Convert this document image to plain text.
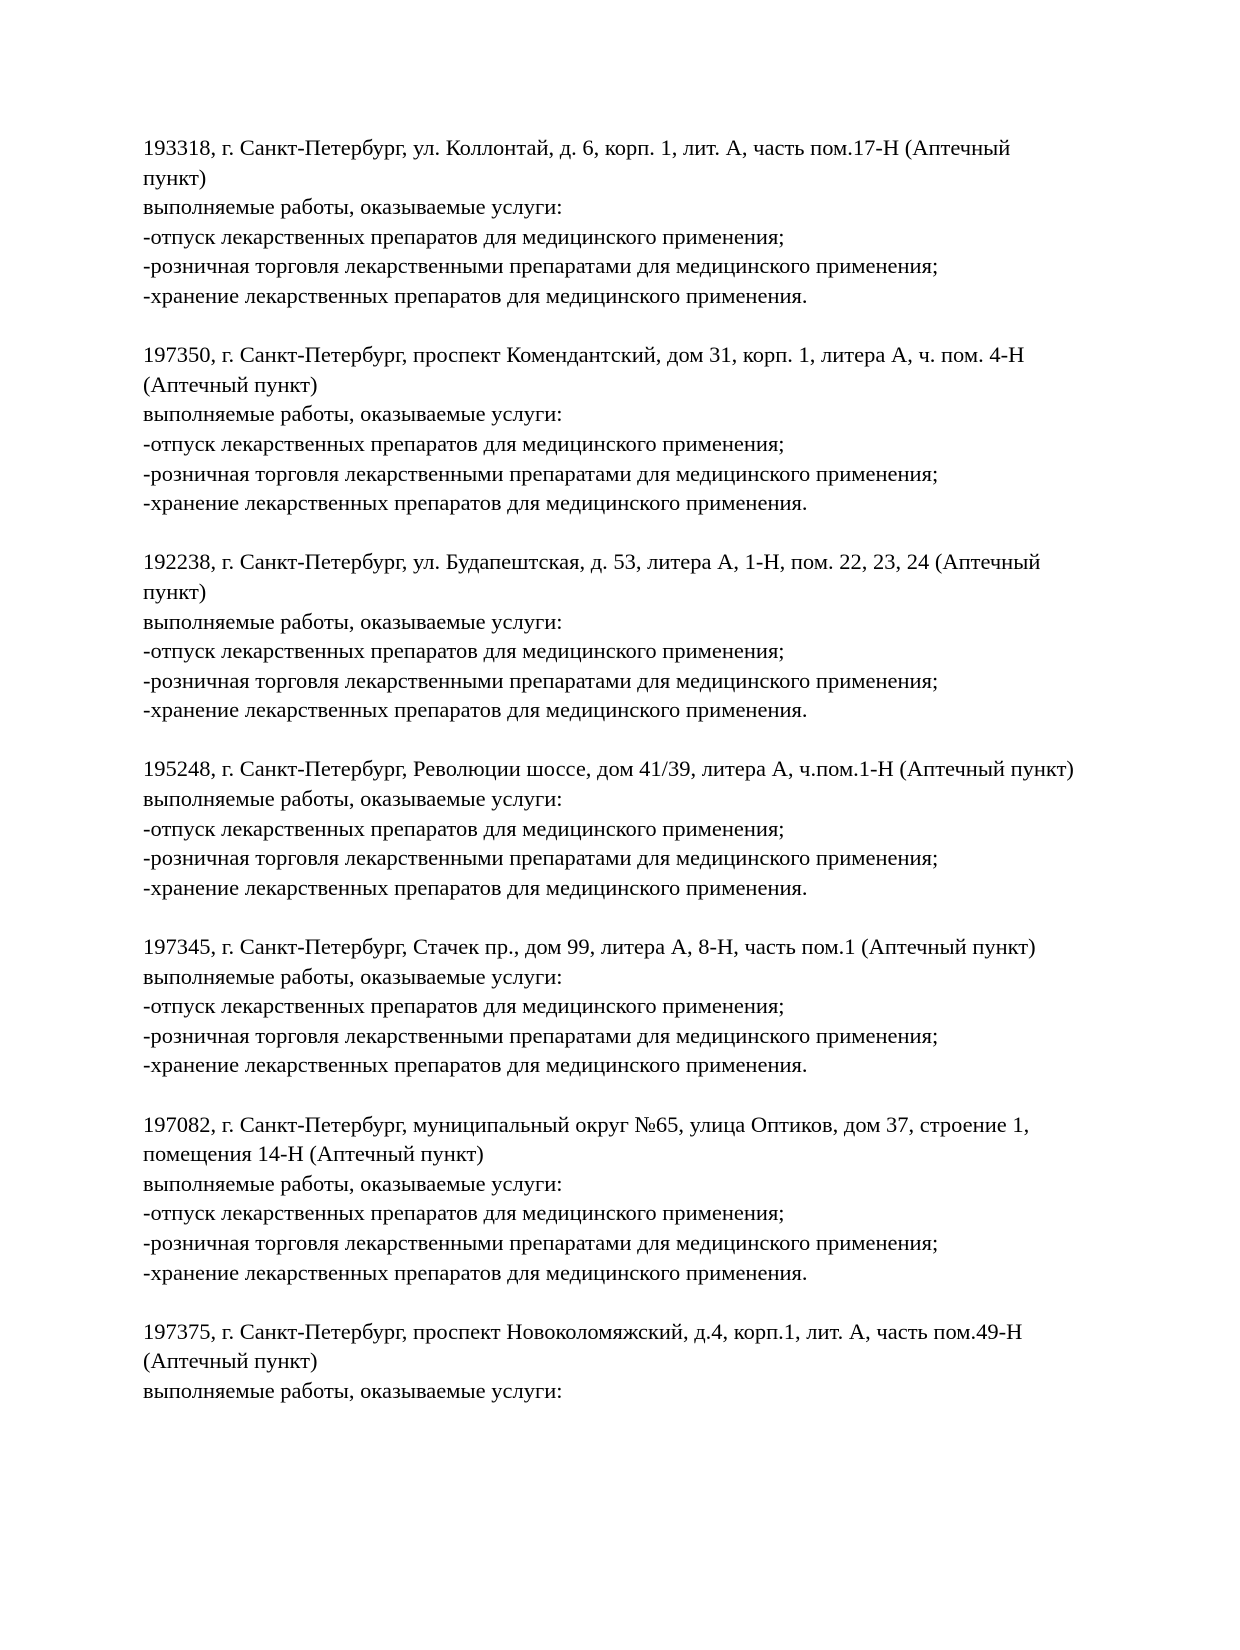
193318, г. Санкт-Петербург, ул. Коллонтай, д. 6, корп. 1, лит. А, часть пом.17-Н (Аптечный
пункт)
выполняемые работы, оказываемые услуги:
-отпуск лекарственных препаратов для медицинского применения;
-розничная торговля лекарственными препаратами для медицинского применения;
-хранение лекарственных препаратов для медицинского применения.
197350, г. Санкт-Петербург, проспект Комендантский, дом 31, корп. 1, литера А, ч. пом. 4-Н
(Аптечный пункт)
выполняемые работы, оказываемые услуги:
-отпуск лекарственных препаратов для медицинского применения;
-розничная торговля лекарственными препаратами для медицинского применения;
-хранение лекарственных препаратов для медицинского применения.
192238, г. Санкт-Петербург, ул. Будапештская, д. 53, литера А, 1-Н, пом. 22, 23, 24 (Аптечный
пункт)
выполняемые работы, оказываемые услуги:
-отпуск лекарственных препаратов для медицинского применения;
-розничная торговля лекарственными препаратами для медицинского применения;
-хранение лекарственных препаратов для медицинского применения.
195248, г. Санкт-Петербург, Революции шоссе, дом 41/39, литера А, ч.пом.1-Н (Аптечный пункт)
выполняемые работы, оказываемые услуги:
-отпуск лекарственных препаратов для медицинского применения;
-розничная торговля лекарственными препаратами для медицинского применения;
-хранение лекарственных препаратов для медицинского применения.
197345, г. Санкт-Петербург, Стачек пр., дом 99, литера А, 8-Н, часть пом.1 (Аптечный пункт)
выполняемые работы, оказываемые услуги:
-отпуск лекарственных препаратов для медицинского применения;
-розничная торговля лекарственными препаратами для медицинского применения;
-хранение лекарственных препаратов для медицинского применения.
197082, г. Санкт-Петербург, муниципальный округ №65, улица Оптиков, дом 37, строение 1,
помещения 14-Н (Аптечный пункт)
выполняемые работы, оказываемые услуги:
-отпуск лекарственных препаратов для медицинского применения;
-розничная торговля лекарственными препаратами для медицинского применения;
-хранение лекарственных препаратов для медицинского применения.
197375, г. Санкт-Петербург, проспект Новоколомяжский, д.4, корп.1, лит. А, часть пом.49-Н
(Аптечный пункт)
выполняемые работы, оказываемые услуги:
